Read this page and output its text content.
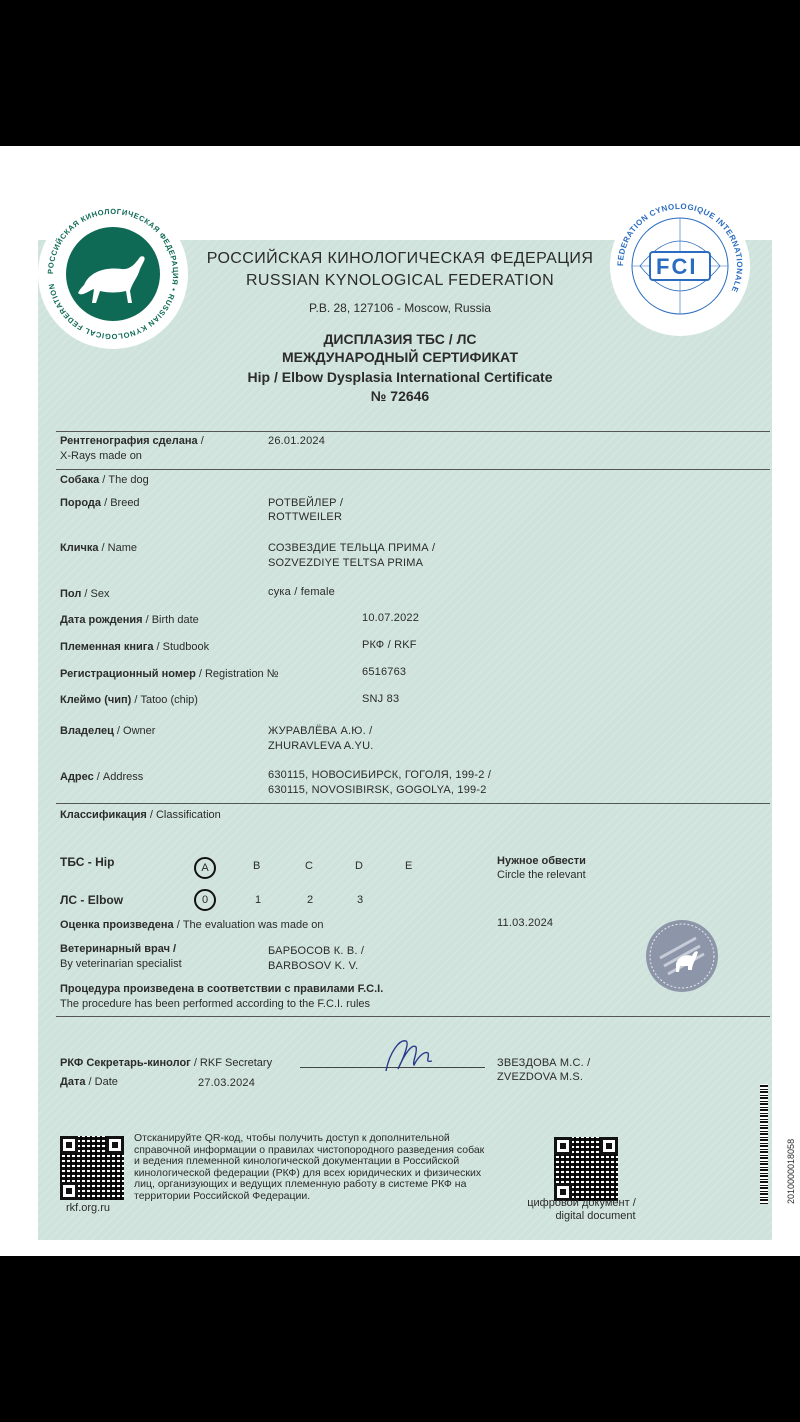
РОССИЙСКАЯ КИНОЛОГИЧЕСКАЯ ФЕДЕРАЦИЯ • RUSSIAN KYNOLOGICAL FEDERATION
FEDERATION CYNOLOGIQUE INTERNATIONALE
FCI
РОССИЙСКАЯ КИНОЛОГИЧЕСКАЯ ФЕДЕРАЦИЯ
RUSSIAN KYNOLOGICAL FEDERATION
P.B. 28, 127106 - Moscow, Russia
ДИСПЛАЗИЯ ТБС / ЛС
МЕЖДУНАРОДНЫЙ СЕРТИФИКАТ
Hip / Elbow Dysplasia International Certificate
№ 72646
Рентгенография сделана /
X-Rays made on
26.01.2024
Собака / The dog
Порода / Breed	РОТВЕЙЛЕР /
ROTTWEILER
Кличка / Name	СОЗВЕЗДИЕ ТЕЛЬЦА ПРИМА /
SOZVEZDIYE TELTSA PRIMA
Пол / Sex	сука / female
Дата рождения / Birth date	10.07.2022
Племенная книга / Studbook	РКФ / RKF
Регистрационный номер / Registration №	6516763
Клеймо (чип) / Tatoo (chip)	SNJ 83
Владелец / Owner	ЖУРАВЛЁВА А.Ю. /
ZHURAVLEVA A.YU.
Адрес / Address	630115, НОВОСИБИРСК, ГОГОЛЯ, 199-2 /
630115, NOVOSIBIRSK, GOGOLYA, 199-2
Классификация / Classification
ТБС - Hip	A	B	C	D	E	Нужное обвести
Circle the relevant
ЛС - Elbow	0	1	2	3
Оценка произведена / The evaluation was made on	11.03.2024
Ветеринарный врач /
By veterinarian specialist
БАРБОСОВ К. В. /
BARBOSOV K. V.
Процедура произведена в соответствии с правилами F.C.I.
The procedure has been performed according to the F.C.I. rules
РКФ Секретарь-кинолог / RKF Secretary	ЗВЕЗДОВА М.С. /
ZVEZDOVA M.S.
Дата / Date	27.03.2024
rkf.org.ru
Отсканируйте QR-код, чтобы получить доступ к дополнительной
справочной информации о правилах чистопородного разведения собак
и ведения племенной кинологической документации в Российской
кинологической федерации (РКФ) для всех юридических и физических
лиц, организующих и ведущих племенную работу в системе РКФ на
территории Российской Федерации.
цифровой документ /
digital document
2010000018058
